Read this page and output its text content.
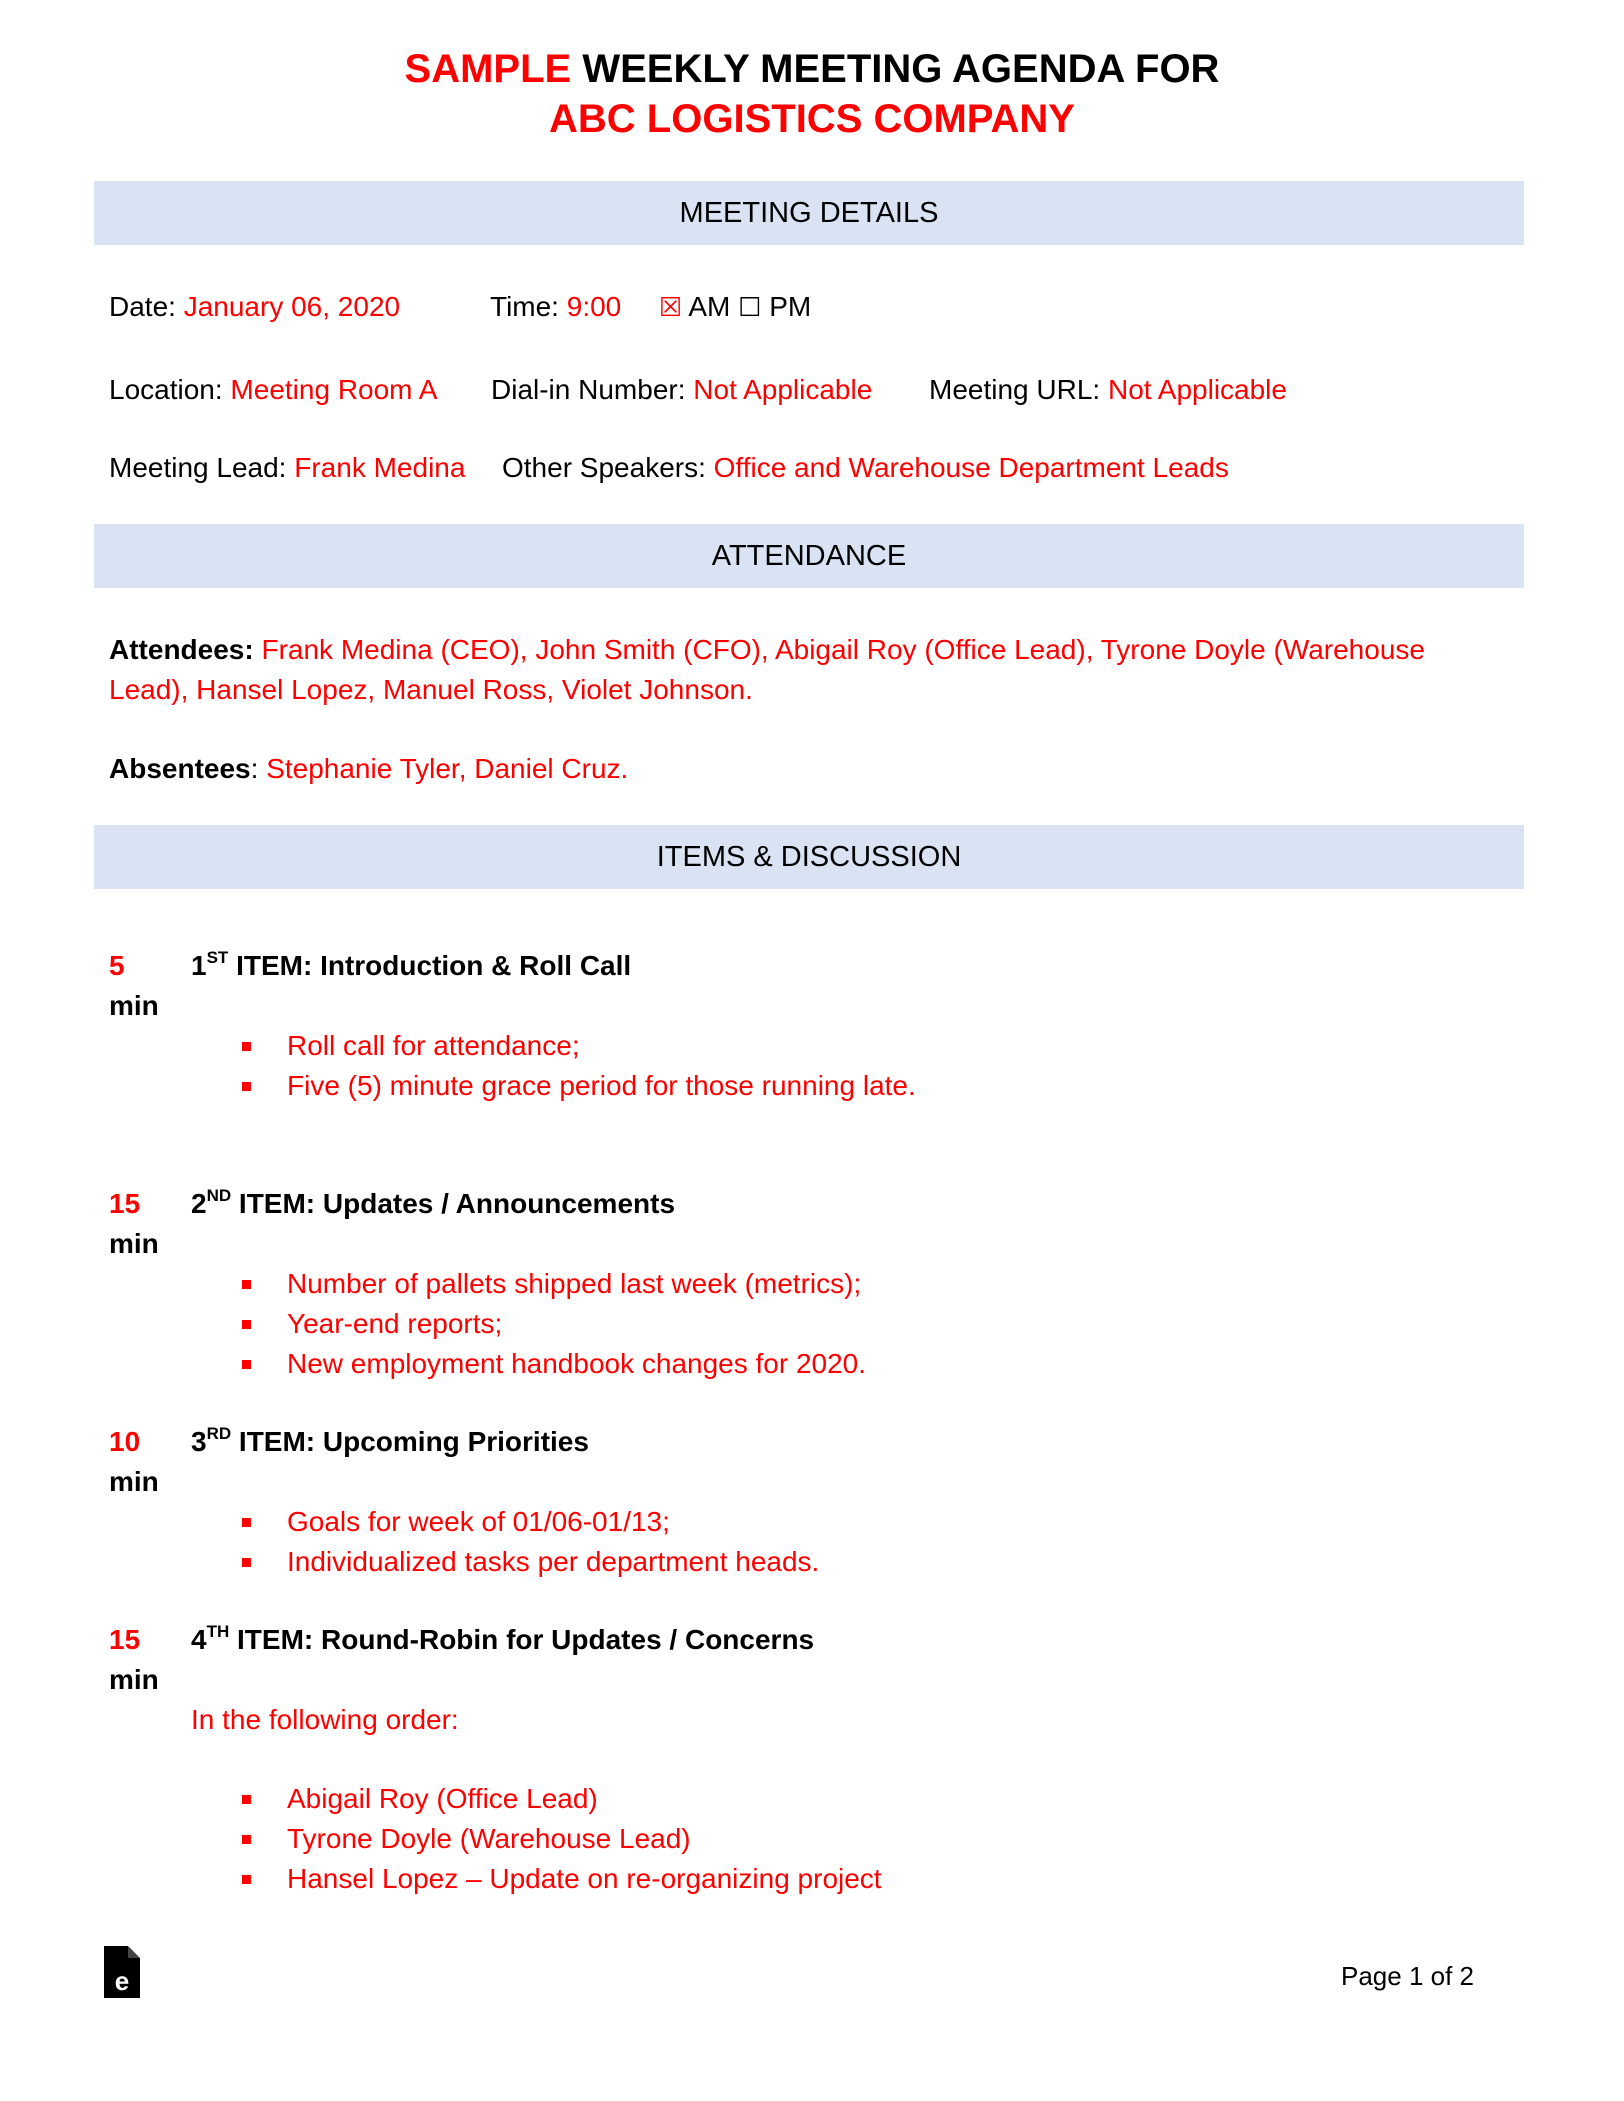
SAMPLE WEEKLY MEETING AGENDA FOR
ABC LOGISTICS COMPANY
MEETING DETAILS
Date: January 06, 2020	Time: 9:00 ☒ AM ☐ PM
Location: Meeting Room A Dial-in Number: Not Applicable Meeting URL: Not Applicable
Meeting Lead: Frank Medina Other Speakers: Office and Warehouse Department Leads
ATTENDANCE
Attendees: Frank Medina (CEO), John Smith (CFO), Abigail Roy (Office Lead), Tyrone Doyle (Warehouse Lead), Hansel Lopez, Manuel Ross, Violet Johnson.
Absentees: Stephanie Tyler, Daniel Cruz.
ITEMS & DISCUSSION
5
min
1ST ITEM: Introduction & Roll Call
Roll call for attendance;
Five (5) minute grace period for those running late.
15
min
2ND ITEM: Updates / Announcements
Number of pallets shipped last week (metrics);
Year-end reports;
New employment handbook changes for 2020.
10
min
3RD ITEM: Upcoming Priorities
Goals for week of 01/06-01/13;
Individualized tasks per department heads.
15
min
4TH ITEM: Round-Robin for Updates / Concerns
In the following order:
Abigail Roy (Office Lead)
Tyrone Doyle (Warehouse Lead)
Hansel Lopez – Update on re-organizing project
e	Page 1 of 2
